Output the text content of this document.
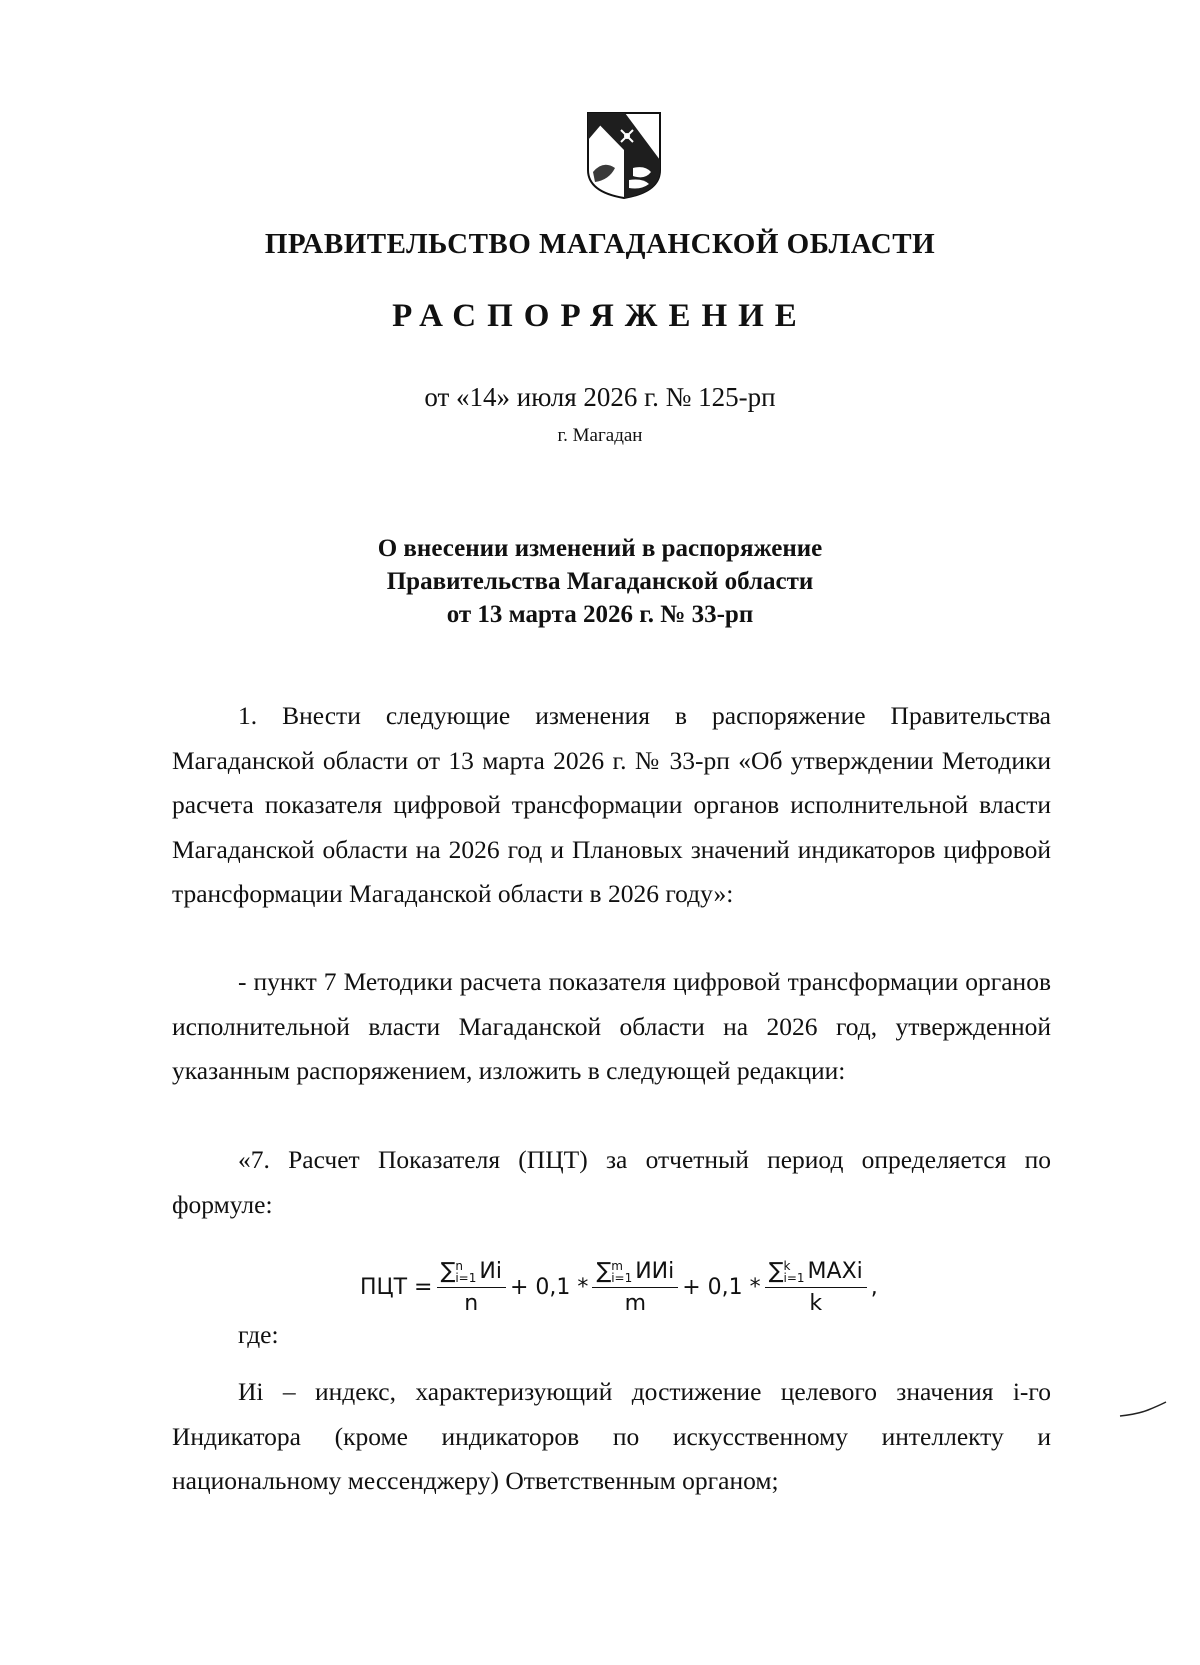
ПРАВИТЕЛЬСТВО МАГАДАНСКОЙ ОБЛАСТИ
РАСПОРЯЖЕНИЕ
от «14» июля 2026 г. № 125-рп
г. Магадан
О внесении изменений в распоряжение
Правительства Магаданской области
от 13 марта 2026 г. № 33-рп
1. Внести следующие изменения в распоряжение Правительства Магаданской области от 13 марта 2026 г. № 33-рп «Об утверждении Методики расчета показателя цифровой трансформации органов исполнительной власти Магаданской области на 2026 год и Плановых значений индикаторов цифровой трансформации Магаданской области в 2026 году»:
- пункт 7 Методики расчета показателя цифровой трансформации органов исполнительной власти Магаданской области на 2026 год, утвержденной указанным распоряжением, изложить в следующей редакции:
«7. Расчет Показателя (ПЦТ) за отчетный период определяется по формуле:
ПЦТ = ∑ n
i=1 Иi
n + 0,1 * ∑ m
i=1 ИИi
m + 0,1 * ∑ k
i=1 MAXi
k ,
где:
Иi – индекс, характеризующий достижение целевого значения i-го Индикатора (кроме индикаторов по искусственному интеллекту и национальному мессенджеру) Ответственным органом;
